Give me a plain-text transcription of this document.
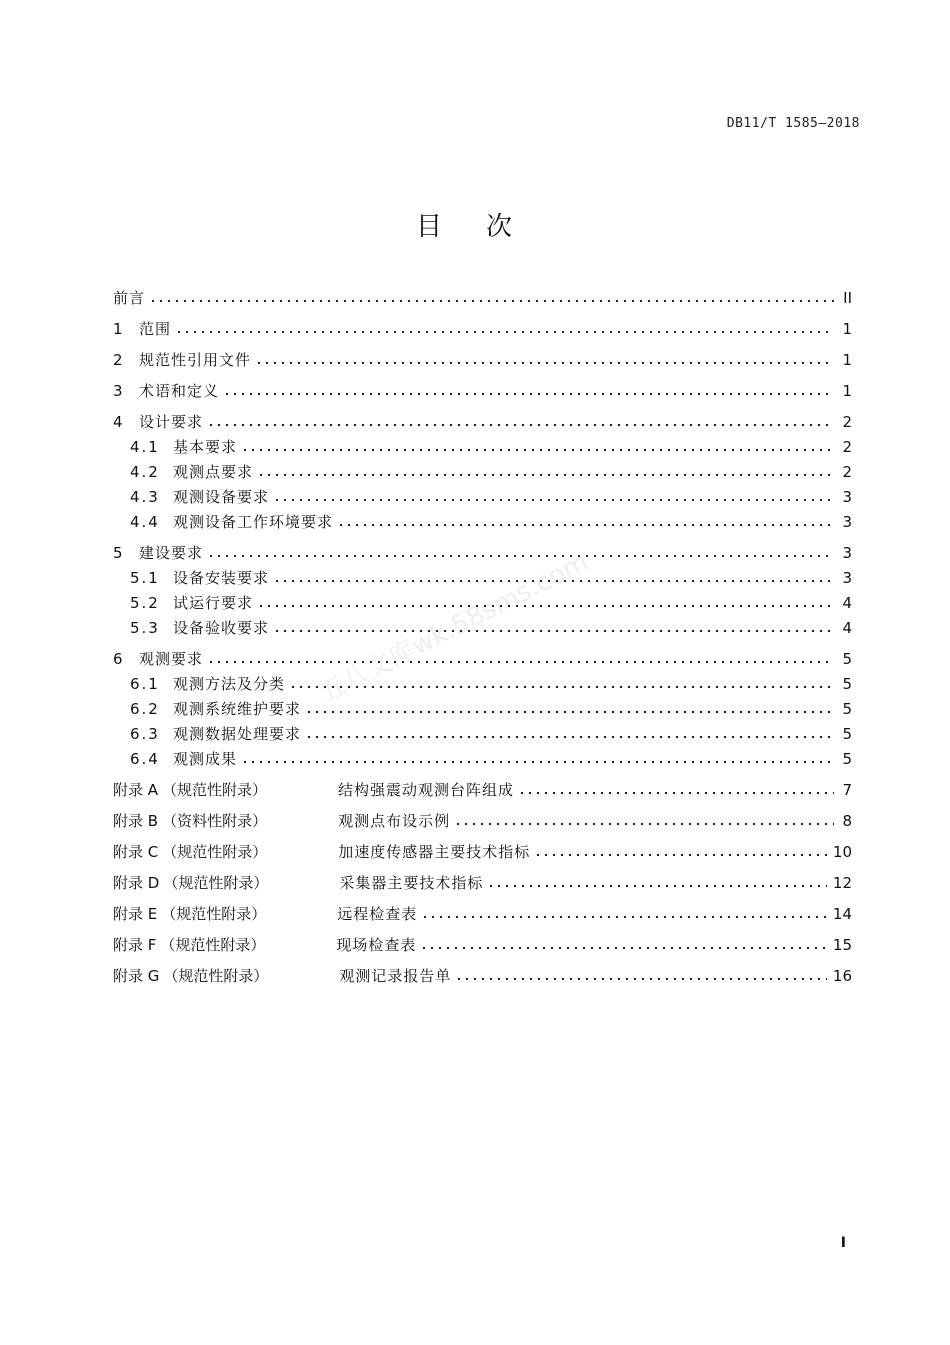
DB11/T 1585—2018
目次
前言	II
1	范围	1
2	规范性引用文件	1
3	术语和定义	1
4	设计要求	2
4.1 基本要求	2
4.2 观测点要求	2
4.3 观测设备要求	3
4.4 观测设备工作环境要求	3
5	建设要求	3
5.1 设备安装要求	3
5.2 试运行要求	4
5.3 设备验收要求	4
6	观测要求	5
6.1 观测方法及分类	5
6.2 观测系统维护要求	5
6.3 观测数据处理要求	5
6.4 观测成果	5
附录 A （规范性附录）	结构强震动观测台阵组成	7
附录 B （资料性附录）	观测点布设示例	8
附录 C （规范性附录）	加速度传感器主要技术指标	10
附录 D （规范性附录）	采集器主要技术指标	12
附录 E （规范性附录）	远程检查表	14
附录 F （规范性附录）	现场检查表	15
附录 G （规范性附录）	观测记录报告单	16
I
